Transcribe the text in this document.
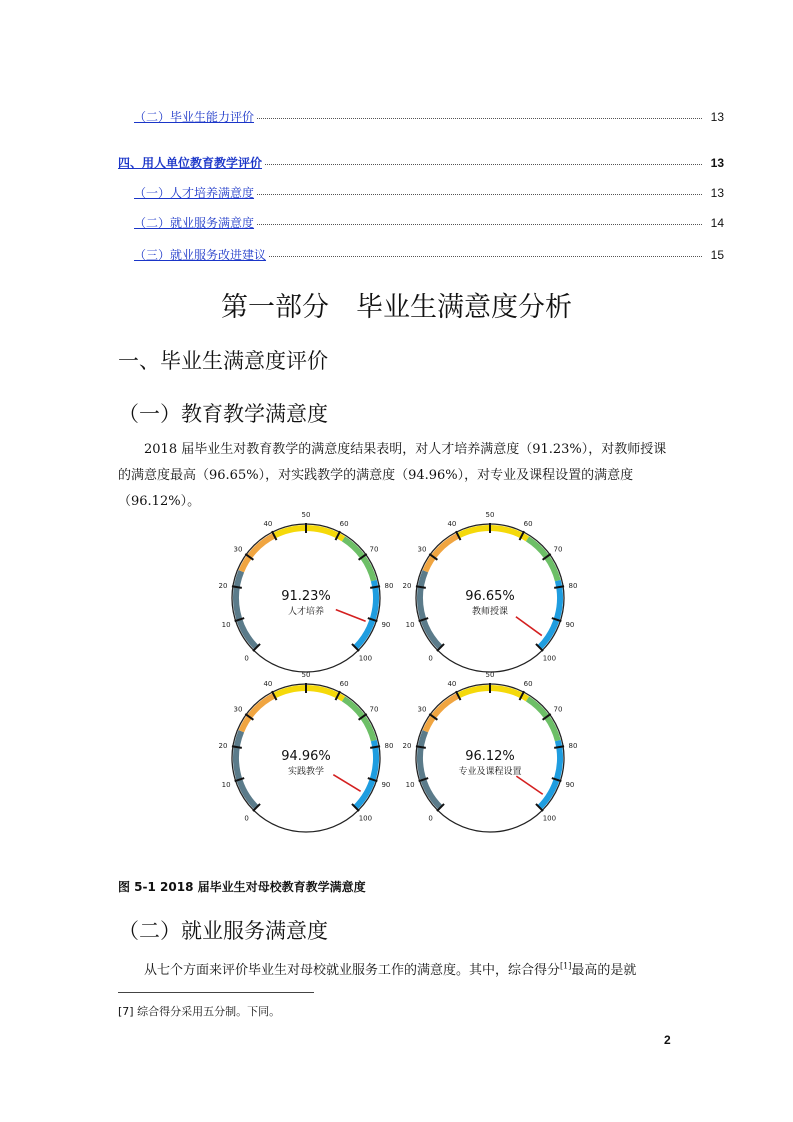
（二）毕业生能力评价	13
四、用人单位教育教学评价	13
（一）人才培养满意度	13
（二）就业服务满意度	14
（三）就业服务改进建议	15
第一部分　毕业生满意度分析
一、毕业生满意度评价
（一）教育教学满意度
2018 届毕业生对教育教学的满意度结果表明，对人才培养满意度（91.23%），对教师授课的满意度最高（96.65%），对实践教学的满意度（94.96%），对专业及课程设置的满意度（96.12%）。
0
10
20
30
40
50
60
70
80
90
100
91.23%
人才培养
0
10
20
30
40
50
60
70
80
90
100
96.65%
教师授课
0
10
20
30
40
50
60
70
80
90
100
94.96%
实践教学
0
10
20
30
40
50
60
70
80
90
100
96.12%
专业及课程设置
图 5-1 2018 届毕业生对母校教育教学满意度
（二）就业服务满意度
从七个方面来评价毕业生对母校就业服务工作的满意度。其中，综合得分[1]最高的是就
[7] 综合得分采用五分制。下同。
2
